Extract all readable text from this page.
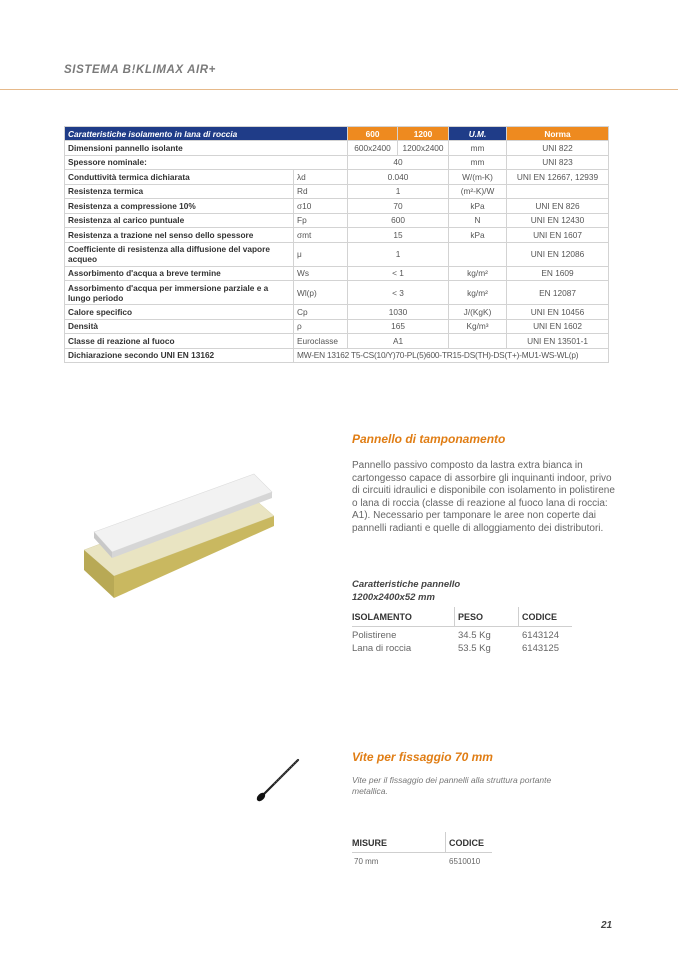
SISTEMA B!KLIMAX AIR+
Caratteristiche isolamento in lana di roccia		600	1200	U.M.	Norma
Dimensioni pannello isolante		600x2400	1200x2400	mm	UNI 822
Spessore nominale:		40		mm	UNI 823
Conduttività termica dichiarata	λd	0.040		W/(m-K)	UNI EN 12667, 12939
Resistenza termica	Rd	1		(m²-K)/W	
Resistenza a compressione 10%	σ10	70		kPa	UNI EN 826
Resistenza al carico puntuale	Fp	600		N	UNI EN 12430
Resistenza a trazione nel senso dello spessore	σmt	15		kPa	UNI EN 1607
Coefficiente di resistenza alla diffusione del vapore acqueo	μ	1			UNI EN 12086
Assorbimento d'acqua a breve termine	Ws	< 1		kg/m²	EN 1609
Assorbimento d'acqua per immersione parziale e a lungo periodo	Wl(p)	< 3		kg/m²	EN 12087
Calore specifico	Cp	1030		J/(KgK)	UNI EN 10456
Densità	ρ	165		Kg/m³	UNI EN 1602
Classe di reazione al fuoco	Euroclasse	A1			UNI EN 13501-1
Dichiarazione secondo UNI EN 13162	MW-EN 13162 T5-CS(10/Y)70-PL(5)600-TR15-DS(TH)-DS(T+)-MU1-WS-WL(p)				
Pannello di tamponamento
Pannello passivo composto da lastra extra bianca in cartongesso capace di assorbire gli inquinanti indoor, privo di circuiti idraulici e disponibile con isolamento in polistirene o lana di roccia (classe di reazione al fuoco lana di roccia: A1). Necessario per tamponare le aree non coperte dai pannelli radianti e quelle di alloggiamento dei distributori.
Caratteristiche pannello
1200x2400x52 mm
ISOLAMENTO	PESO	CODICE
Polistirene	34.5 Kg	6143124
Lana di roccia	53.5 Kg	6143125
Vite per fissaggio 70 mm
Vite per il fissaggio dei pannelli alla struttura portante metallica.
MISURE	CODICE
70 mm	6510010
21
